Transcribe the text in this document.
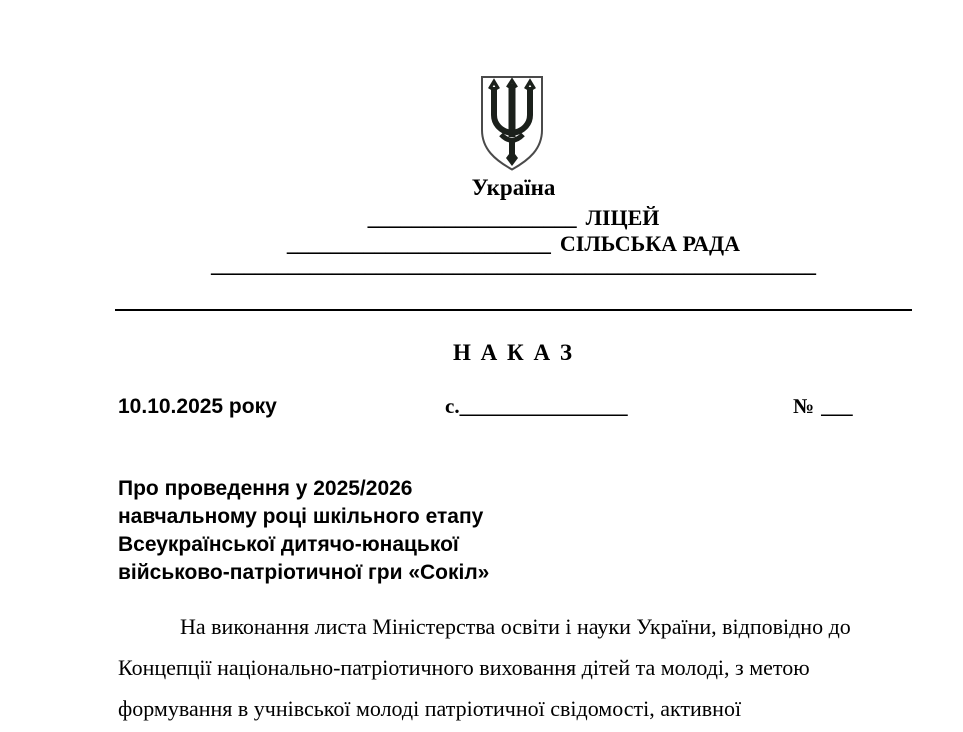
Україна
___________________ ЛІЦЕЙ
________________________ СІЛЬСЬКА РАДА
_______________________________________________________
Н А К А З
10.10.2025 року	с.________________	№ ___
Про проведення у 2025/2026
навчальному році шкільного етапу
Всеукраїнської дитячо-юнацької
військово-патріотичної гри «Сокіл»
На виконання листа Міністерства освіти і науки України, відповідно до
Концепції національно-патріотичного виховання дітей та молоді, з метою
формування в учнівської молоді патріотичної свідомості, активної
